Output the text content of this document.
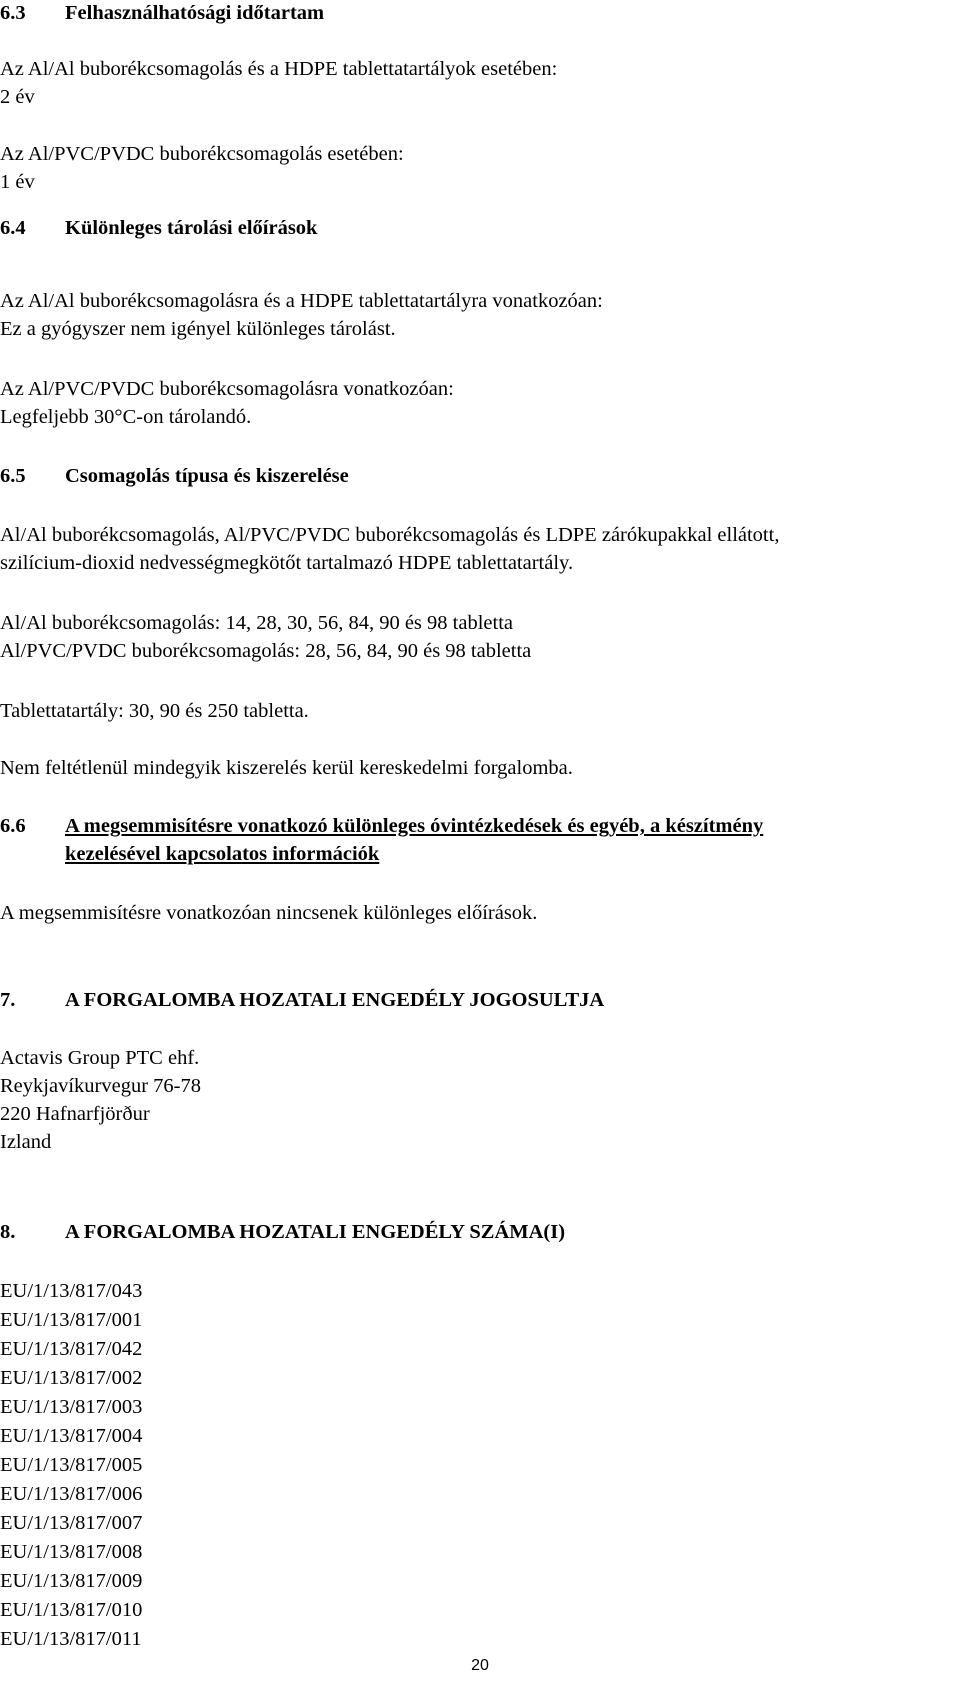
6.3 Felhasználhatósági időtartam
Az Al/Al buborékcsomagolás és a HDPE tablettatartályok esetében:
2 év
Az Al/PVC/PVDC buborékcsomagolás esetében:
1 év
6.4 Különleges tárolási előírások
Az Al/Al buborékcsomagolásra és a HDPE tablettatartályra vonatkozóan:
Ez a gyógyszer nem igényel különleges tárolást.
Az Al/PVC/PVDC buborékcsomagolásra vonatkozóan:
Legfeljebb 30°C-on tárolandó.
6.5 Csomagolás típusa és kiszerelése
Al/Al buborékcsomagolás, Al/PVC/PVDC buborékcsomagolás és LDPE zárókupakkal ellátott,
szilícium-dioxid nedvességmegkötőt tartalmazó HDPE tablettatartály.
Al/Al buborékcsomagolás: 14, 28, 30, 56, 84, 90 és 98 tabletta
Al/PVC/PVDC buborékcsomagolás: 28, 56, 84, 90 és 98 tabletta
Tablettatartály: 30, 90 és 250 tabletta.
Nem feltétlenül mindegyik kiszerelés kerül kereskedelmi forgalomba.
6.6 A megsemmisítésre vonatkozó különleges óvintézkedések és egyéb, a készítmény
kezelésével kapcsolatos információk
A megsemmisítésre vonatkozóan nincsenek különleges előírások.
7. A FORGALOMBA HOZATALI ENGEDÉLY JOGOSULTJA
Actavis Group PTC ehf.
Reykjavíkurvegur 76-78
220 Hafnarfjörður
Izland
8. A FORGALOMBA HOZATALI ENGEDÉLY SZÁMA(I)
EU/1/13/817/043
EU/1/13/817/001
EU/1/13/817/042
EU/1/13/817/002
EU/1/13/817/003
EU/1/13/817/004
EU/1/13/817/005
EU/1/13/817/006
EU/1/13/817/007
EU/1/13/817/008
EU/1/13/817/009
EU/1/13/817/010
EU/1/13/817/011
20
